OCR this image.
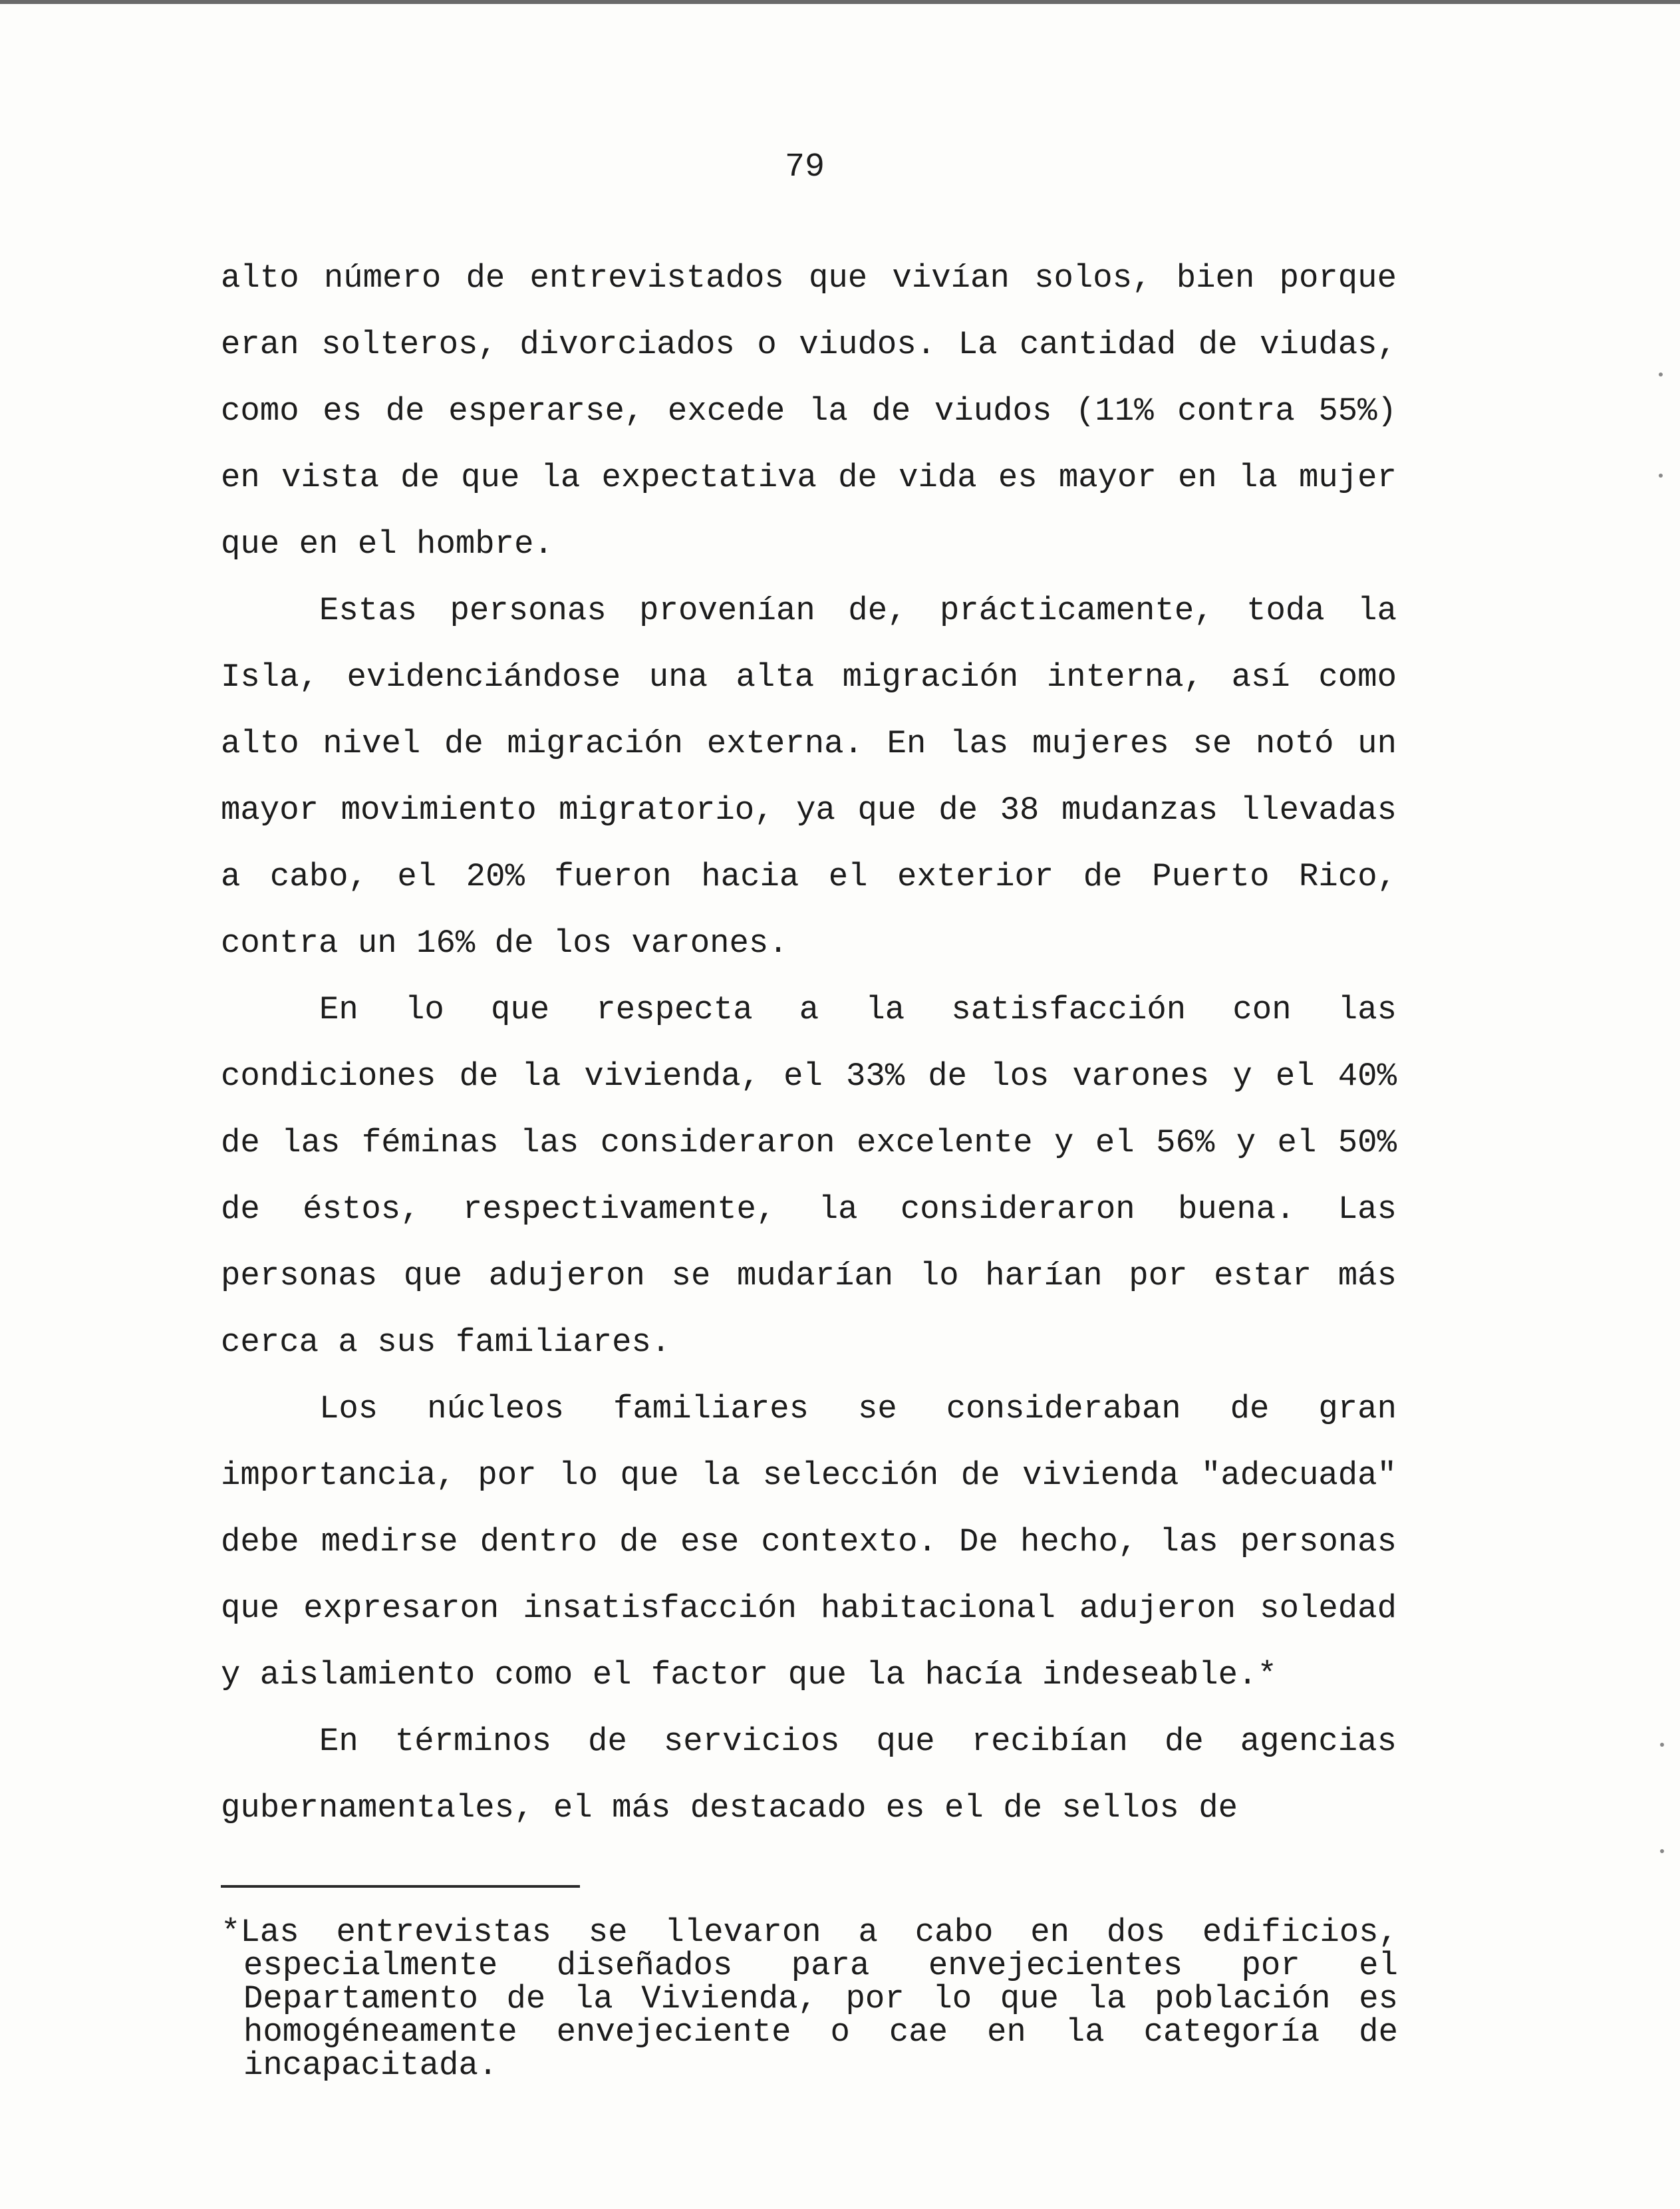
79

alto número de entrevistados que vivían solos, bien porque eran solteros, divorciados o viudos. La cantidad de viudas, como es de esperarse, excede la de viudos (11% contra 55%) en vista de que la expectativa de vida es mayor en la mujer que en el hombre.

Estas personas provenían de, prácticamente, toda la Isla, evidenciándose una alta migración interna, así como alto nivel de migración externa. En las mujeres se notó un mayor movimiento migratorio, ya que de 38 mudanzas llevadas a cabo, el 20% fueron hacia el exterior de Puerto Rico, contra un 16% de los varones.

En lo que respecta a la satisfacción con las condiciones de la vivienda, el 33% de los varones y el 40% de las féminas las consideraron excelente y el 56% y el 50% de éstos, respectivamente, la consideraron buena. Las personas que adujeron se mudarían lo harían por estar más cerca a sus familiares.

Los núcleos familiares se consideraban de gran importancia, por lo que la selección de vivienda "adecuada" debe medirse dentro de ese contexto. De hecho, las personas que expresaron insatisfacción habitacional adujeron soledad y aislamiento como el factor que la hacía indeseable.*

En términos de servicios que recibían de agencias gubernamentales, el más destacado es el de sellos de

*Las entrevistas se llevaron a cabo en dos edificios, especialmente diseñados para envejecientes por el Departamento de la Vivienda, por lo que la población es homogéneamente envejeciente o cae en la categoría de incapacitada.
